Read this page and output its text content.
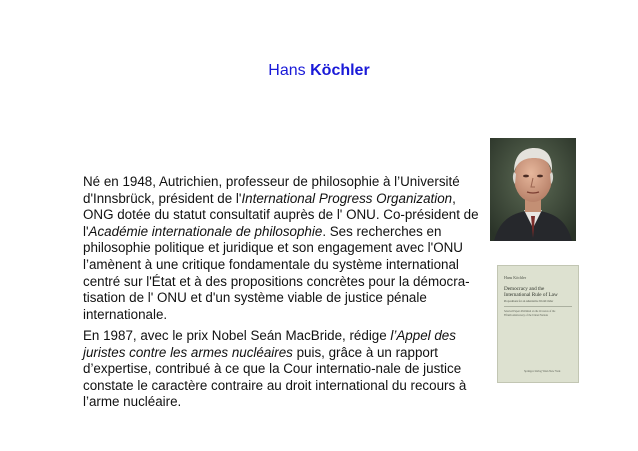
Hans Köchler
Né en 1948, Autrichien, professeur de philosophie à l’Université d'Innsbrück, président de l'International Progress Organization, ONG dotée du statut consultatif auprès de l' ONU. Co-président de l'Académie internationale de philosophie. Ses recherches en philosophie politique et juridique et son engagement avec l'ONU l’amènent à une critique fondamentale du système international centré sur l'État et à des propositions concrètes pour la démocra-tisation de l' ONU et d'un système viable de justice pénale internationale.
En 1987, avec le prix Nobel Seán MacBride, rédige l’Appel des juristes contre les armes nucléaires puis, grâce à un rapport d’expertise, contribué à ce que la Cour internatio-nale de justice constate le caractère contraire au droit international du recours à l’arme nucléaire.
Hans Köchler
Democracy and the International Rule of Law
Propositions for an Alternative World Order
Selected Papers Published on the Occasion of the Fiftieth Anniversary of the United Nations
Springer-Verlag Wien New York
